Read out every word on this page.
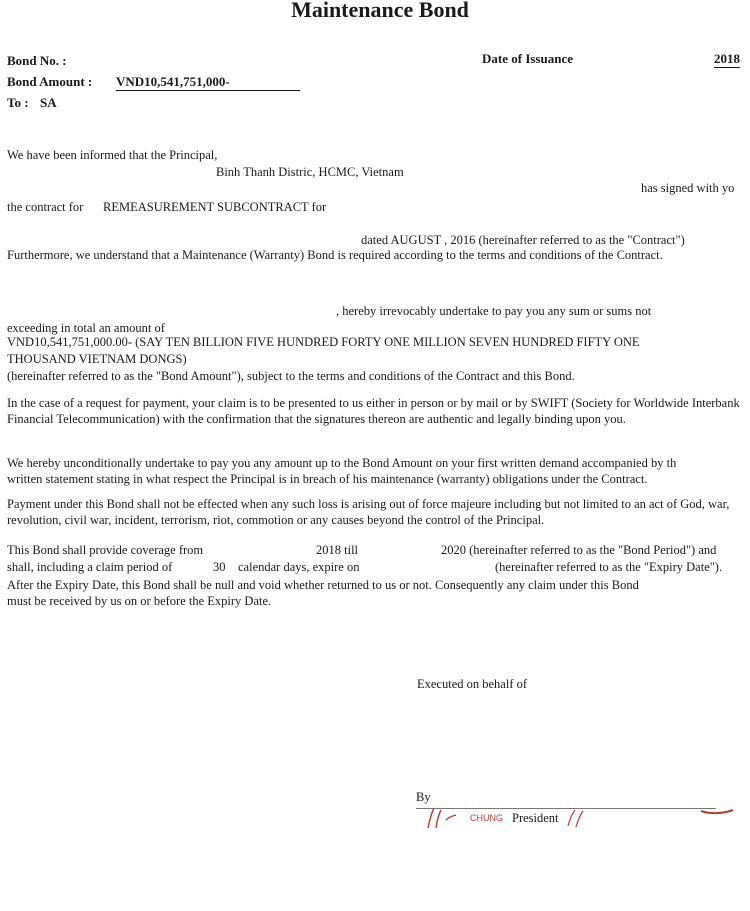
Maintenance Bond
Bond No. :	Date of Issuance	2018
Bond Amount : VND10,541,751,000-
To : SA
We have been informed that the Principal,
Binh Thanh Distric, HCMC, Vietnam
has signed with yo
the contract for REMEASUREMENT SUBCONTRACT for
dated AUGUST , 2016 (hereinafter referred to as the "Contract")
Furthermore, we understand that a Maintenance (Warranty) Bond is required according to the terms and conditions of the Contract.
, hereby irrevocably undertake to pay you any sum or sums not
exceeding in total an amount of
VND10,541,751,000.00- (SAY TEN BILLION FIVE HUNDRED FORTY ONE MILLION SEVEN HUNDRED FIFTY ONE
THOUSAND VIETNAM DONGS)
(hereinafter referred to as the "Bond Amount"), subject to the terms and conditions of the Contract and this Bond.
In the case of a request for payment, your claim is to be presented to us either in person or by mail or by SWIFT (Society for Worldwide Interbank Financial Telecommunication) with the confirmation that the signatures thereon are authentic and legally binding upon you.
We hereby unconditionally undertake to pay you any amount up to the Bond Amount on your first written demand accompanied by th
written statement stating in what respect the Principal is in breach of his maintenance (warranty) obligations under the Contract.
Payment under this Bond shall not be effected when any such loss is arising out of force majeure including but not limited to an act of God, war, revolution, civil war, incident, terrorism, riot, commotion or any causes beyond the control of the Principal.
This Bond shall provide coverage from	2018 till	2020 (hereinafter referred to as the "Bond Period") and
shall, including a claim period of	30 calendar days, expire on	(hereinafter referred to as the "Expiry Date").
After the Expiry Date, this Bond shall be null and void whether returned to us or not. Consequently any claim under this Bond
must be received by us on or before the Expiry Date.
Executed on behalf of
By
CHUNG President
